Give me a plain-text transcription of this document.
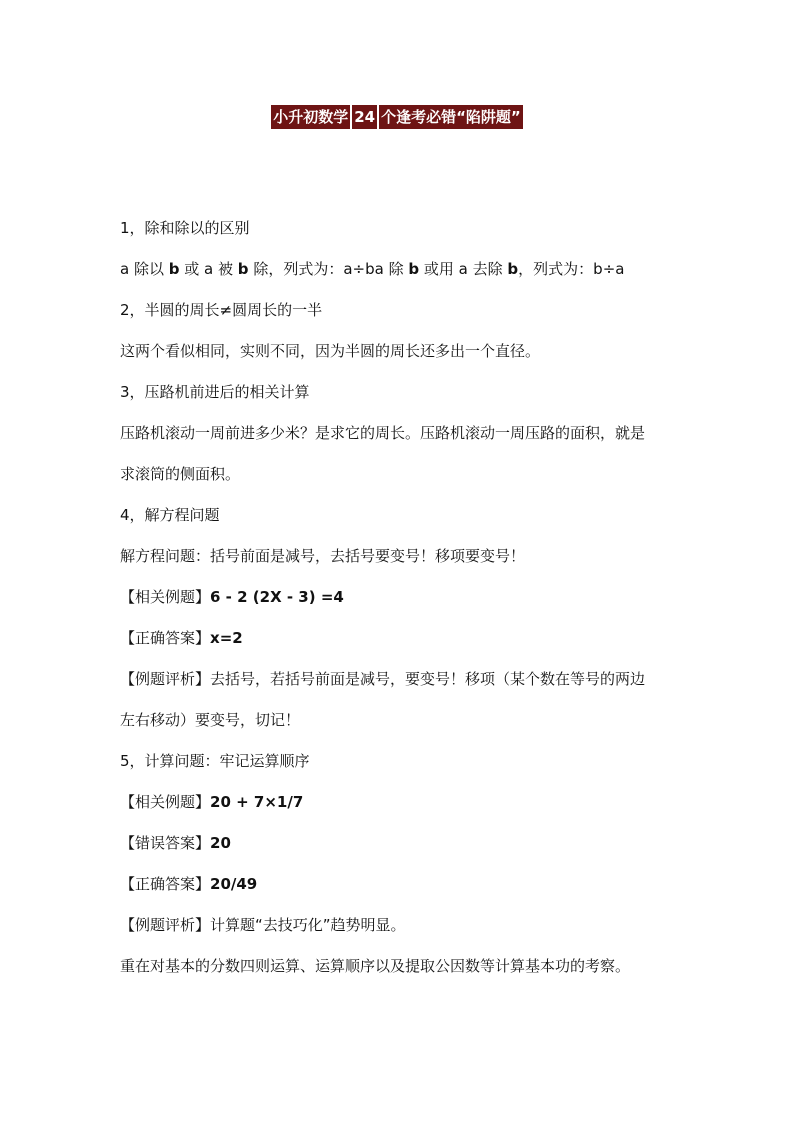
小升初数学 24 个逢考必错“陷阱题”
1，除和除以的区别
a 除以 b 或 a 被 b 除，列式为：a÷ba 除 b 或用 a 去除 b，列式为：b÷a
2，半圆的周长≠圆周长的一半
这两个看似相同，实则不同，因为半圆的周长还多出一个直径。
3，压路机前进后的相关计算
压路机滚动一周前进多少米？是求它的周长。压路机滚动一周压路的面积，就是
求滚筒的侧面积。
4，解方程问题
解方程问题：括号前面是减号，去括号要变号！移项要变号！
【相关例题】6 - 2 (2X - 3) =4
【正确答案】x=2
【例题评析】去括号，若括号前面是减号，要变号！移项（某个数在等号的两边
左右移动）要变号，切记！
5，计算问题：牢记运算顺序
【相关例题】20 + 7×1/7
【错误答案】20
【正确答案】20/49
【例题评析】计算题“去技巧化”趋势明显。
重在对基本的分数四则运算、运算顺序以及提取公因数等计算基本功的考察。
